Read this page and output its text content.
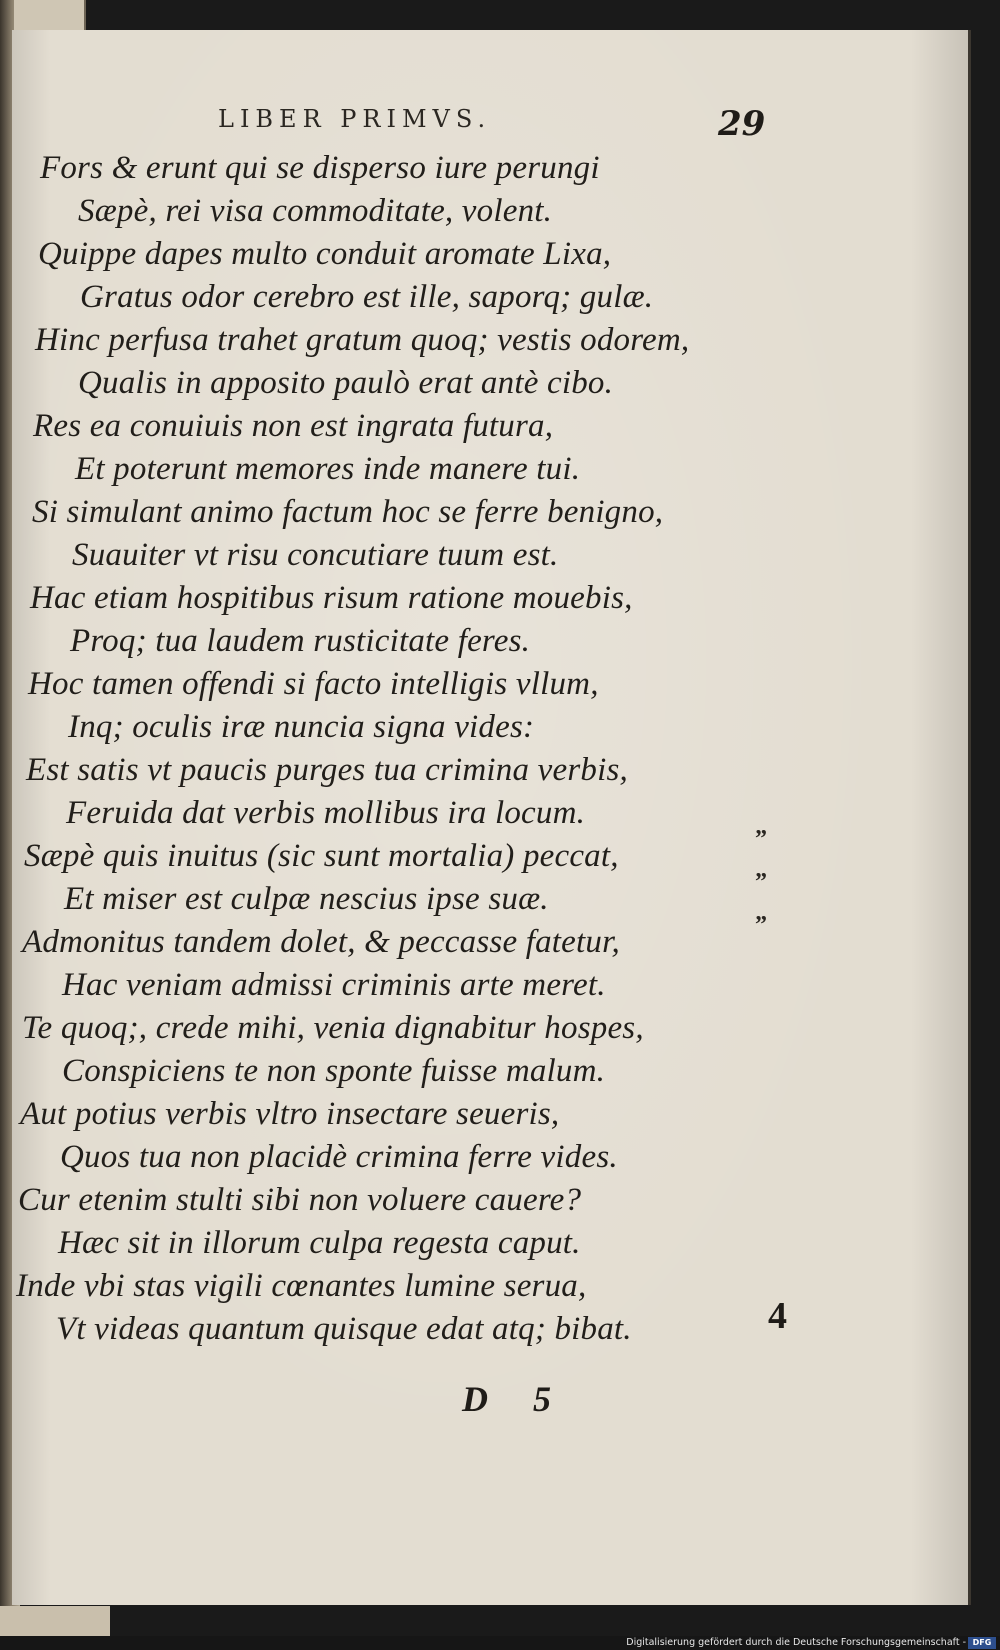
LIBER PRIMVS.	29
Fors & erunt qui se disperso iure perungi
Sæpè, rei visa commoditate, volent.
Quippe dapes multo conduit aromate Lixa,
Gratus odor cerebro est ille, saporq; gulæ.
Hinc perfusa trahet gratum quoq; vestis odorem,
Qualis in apposito paulò erat antè cibo.
Res ea conuiuis non est ingrata futura,
Et poterunt memores inde manere tui.
Si simulant animo factum hoc se ferre benigno,
Suauiter vt risu concutiare tuum est.
Hac etiam hospitibus risum ratione mouebis,
Proq; tua laudem rusticitate feres.
Hoc tamen offendi si facto intelligis vllum,
Inq; oculis iræ nuncia signa vides:
Est satis vt paucis purges tua crimina verbis,
Feruida dat verbis mollibus ira locum.
Sæpè quis inuitus (sic sunt mortalia) peccat,
Et miser est culpæ nescius ipse suæ.
Admonitus tandem dolet, & peccasse fatetur,
Hac veniam admissi criminis arte meret.
Te quoq;, crede mihi, venia dignabitur hospes,
Conspiciens te non sponte fuisse malum.
Aut potius verbis vltro insectare seueris,
Quos tua non placidè crimina ferre vides.
Cur etenim stulti sibi non voluere cauere?
Hæc sit in illorum culpa regesta caput.
Inde vbi stas vigili cœnantes lumine serua,
Vt videas quantum quisque edat atq; bibat.
”
”
”
4
D 5
Digitalisierung gefördert durch die Deutsche Forschungsgemeinschaft - DFG
